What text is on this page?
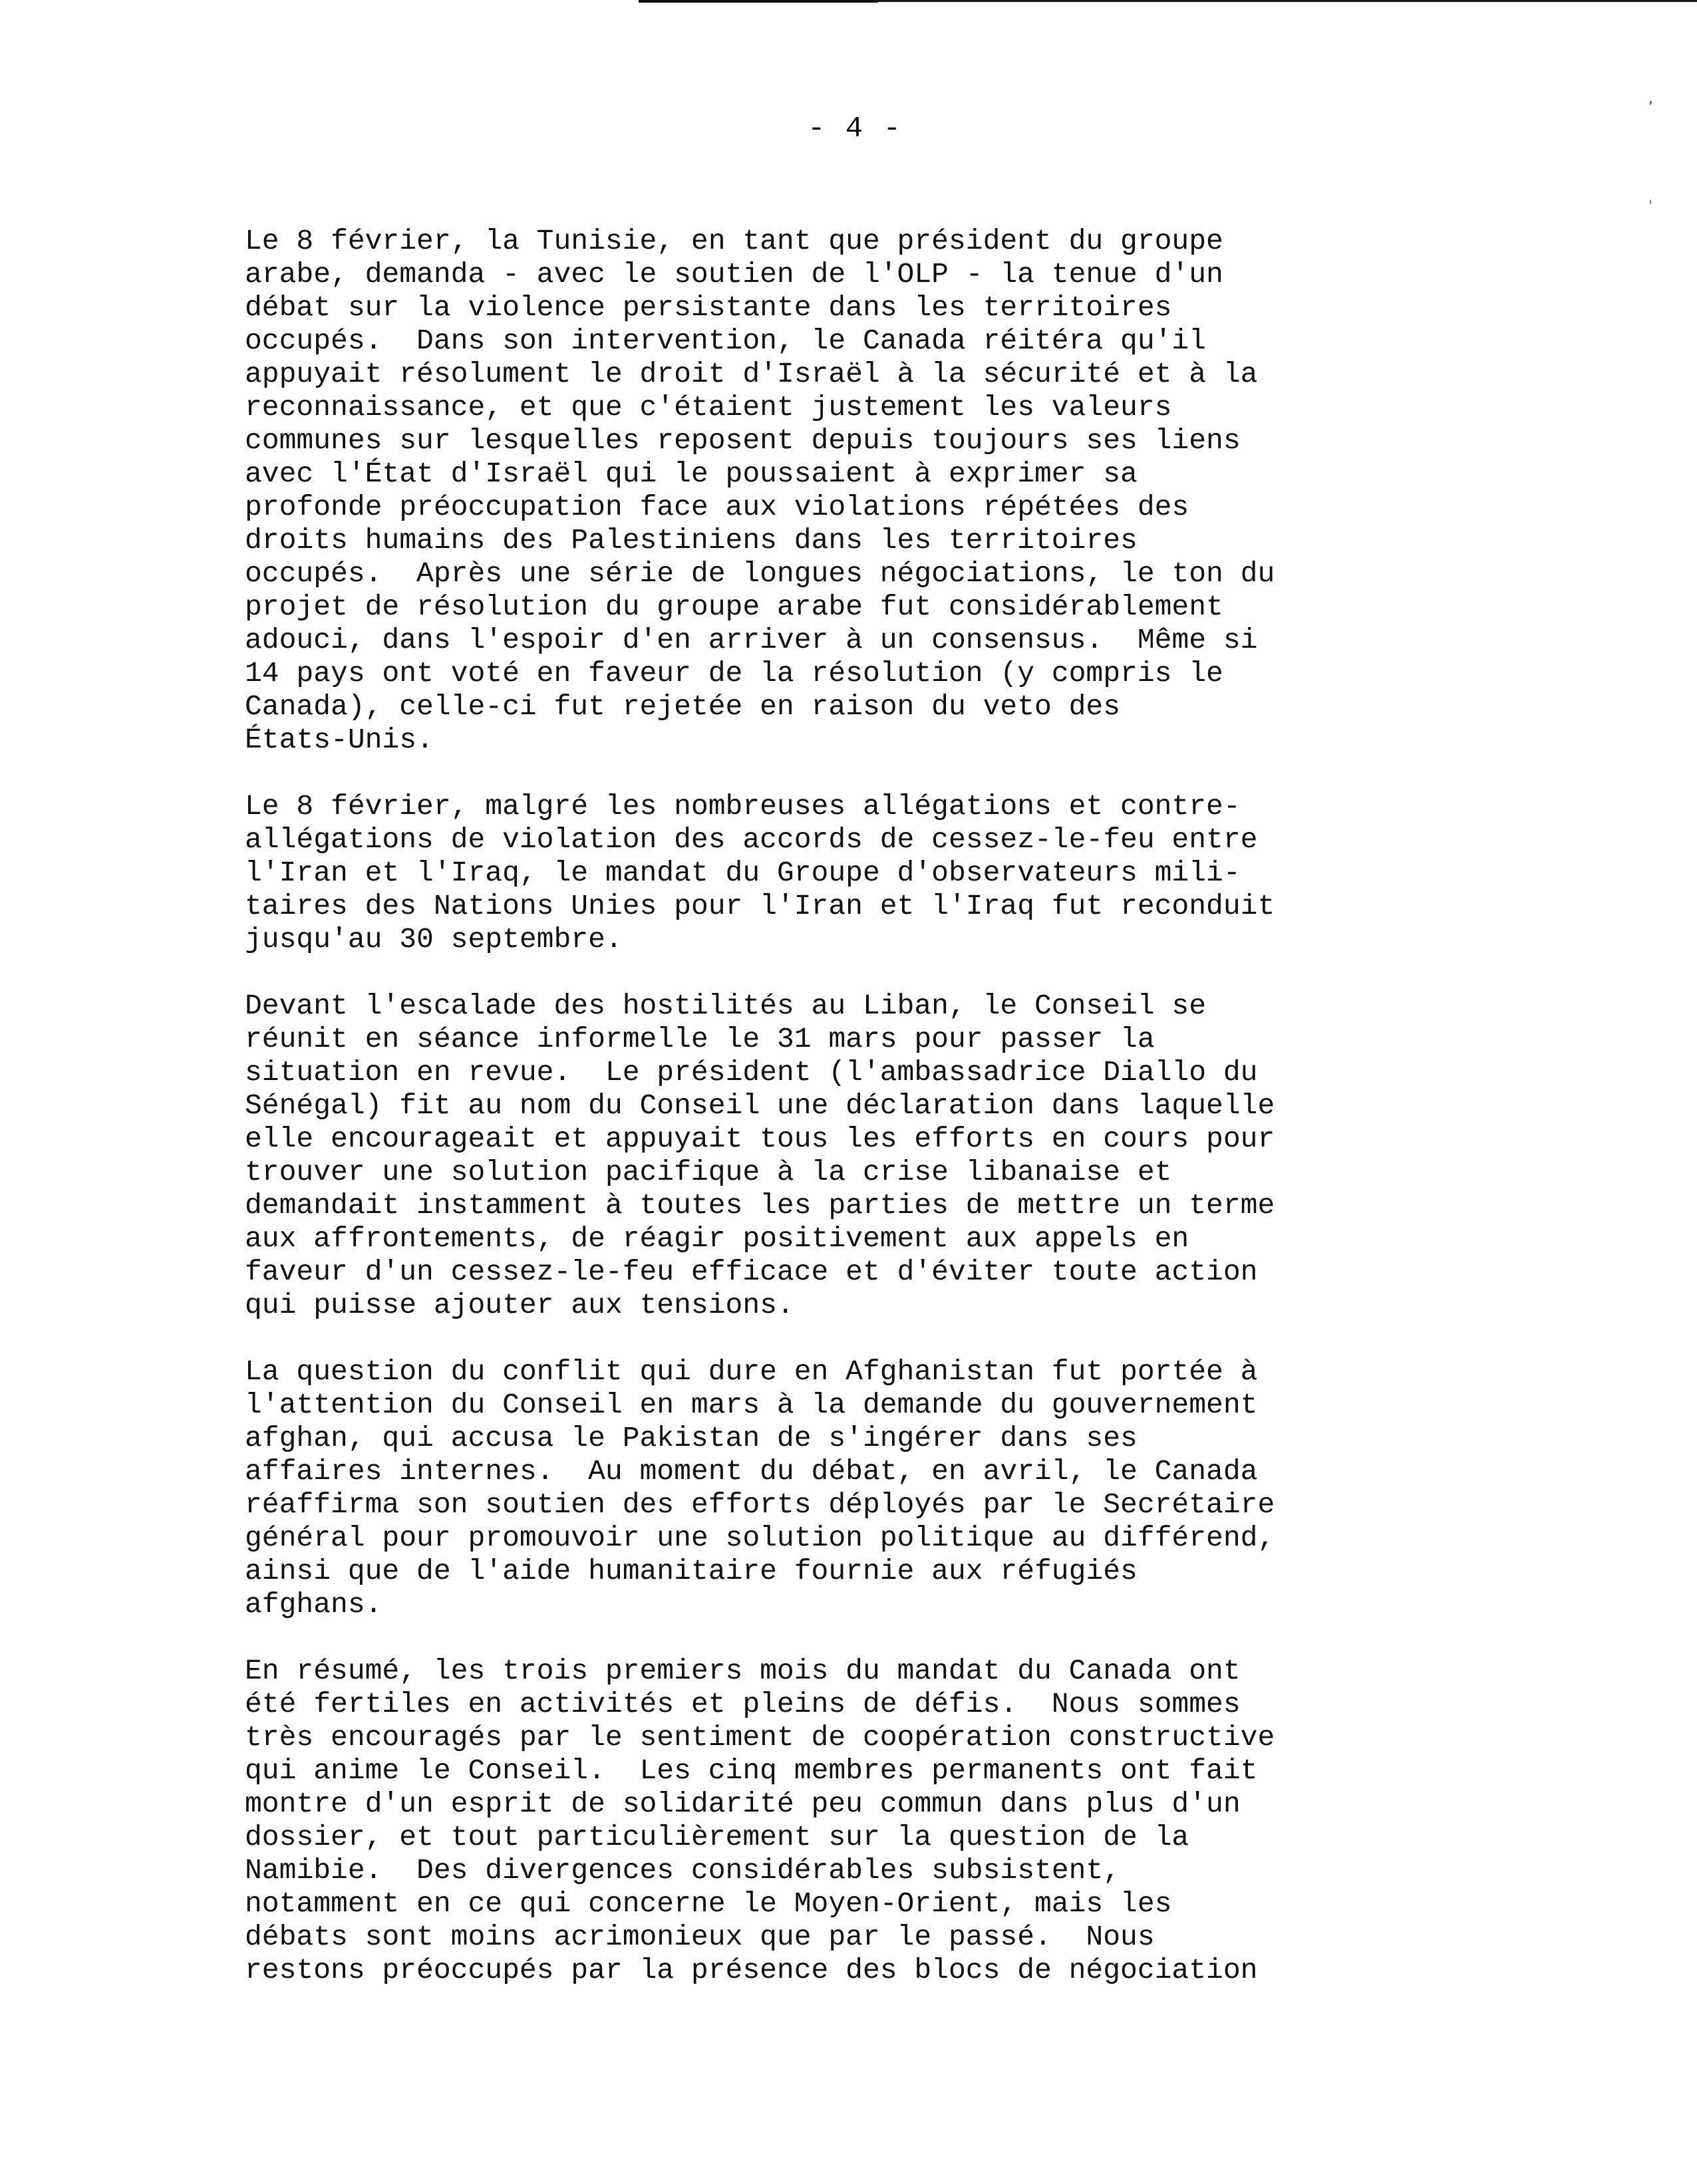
- 4 -
,
'
Le 8 février, la Tunisie, en tant que président du groupe
arabe, demanda - avec le soutien de l'OLP - la tenue d'un
débat sur la violence persistante dans les territoires
occupés.  Dans son intervention, le Canada réitéra qu'il
appuyait résolument le droit d'Israël à la sécurité et à la
reconnaissance, et que c'étaient justement les valeurs
communes sur lesquelles reposent depuis toujours ses liens
avec l'État d'Israël qui le poussaient à exprimer sa
profonde préoccupation face aux violations répétées des
droits humains des Palestiniens dans les territoires
occupés.  Après une série de longues négociations, le ton du
projet de résolution du groupe arabe fut considérablement
adouci, dans l'espoir d'en arriver à un consensus.  Même si
14 pays ont voté en faveur de la résolution (y compris le
Canada), celle-ci fut rejetée en raison du veto des
États-Unis.
Le 8 février, malgré les nombreuses allégations et contre-
allégations de violation des accords de cessez-le-feu entre
l'Iran et l'Iraq, le mandat du Groupe d'observateurs mili-
taires des Nations Unies pour l'Iran et l'Iraq fut reconduit
jusqu'au 30 septembre.
Devant l'escalade des hostilités au Liban, le Conseil se
réunit en séance informelle le 31 mars pour passer la
situation en revue.  Le président (l'ambassadrice Diallo du
Sénégal) fit au nom du Conseil une déclaration dans laquelle
elle encourageait et appuyait tous les efforts en cours pour
trouver une solution pacifique à la crise libanaise et
demandait instamment à toutes les parties de mettre un terme
aux affrontements, de réagir positivement aux appels en
faveur d'un cessez-le-feu efficace et d'éviter toute action
qui puisse ajouter aux tensions.
La question du conflit qui dure en Afghanistan fut portée à
l'attention du Conseil en mars à la demande du gouvernement
afghan, qui accusa le Pakistan de s'ingérer dans ses
affaires internes.  Au moment du débat, en avril, le Canada
réaffirma son soutien des efforts déployés par le Secrétaire
général pour promouvoir une solution politique au différend,
ainsi que de l'aide humanitaire fournie aux réfugiés
afghans.
En résumé, les trois premiers mois du mandat du Canada ont
été fertiles en activités et pleins de défis.  Nous sommes
très encouragés par le sentiment de coopération constructive
qui anime le Conseil.  Les cinq membres permanents ont fait
montre d'un esprit de solidarité peu commun dans plus d'un
dossier, et tout particulièrement sur la question de la
Namibie.  Des divergences considérables subsistent,
notamment en ce qui concerne le Moyen-Orient, mais les
débats sont moins acrimonieux que par le passé.  Nous
restons préoccupés par la présence des blocs de négociation
